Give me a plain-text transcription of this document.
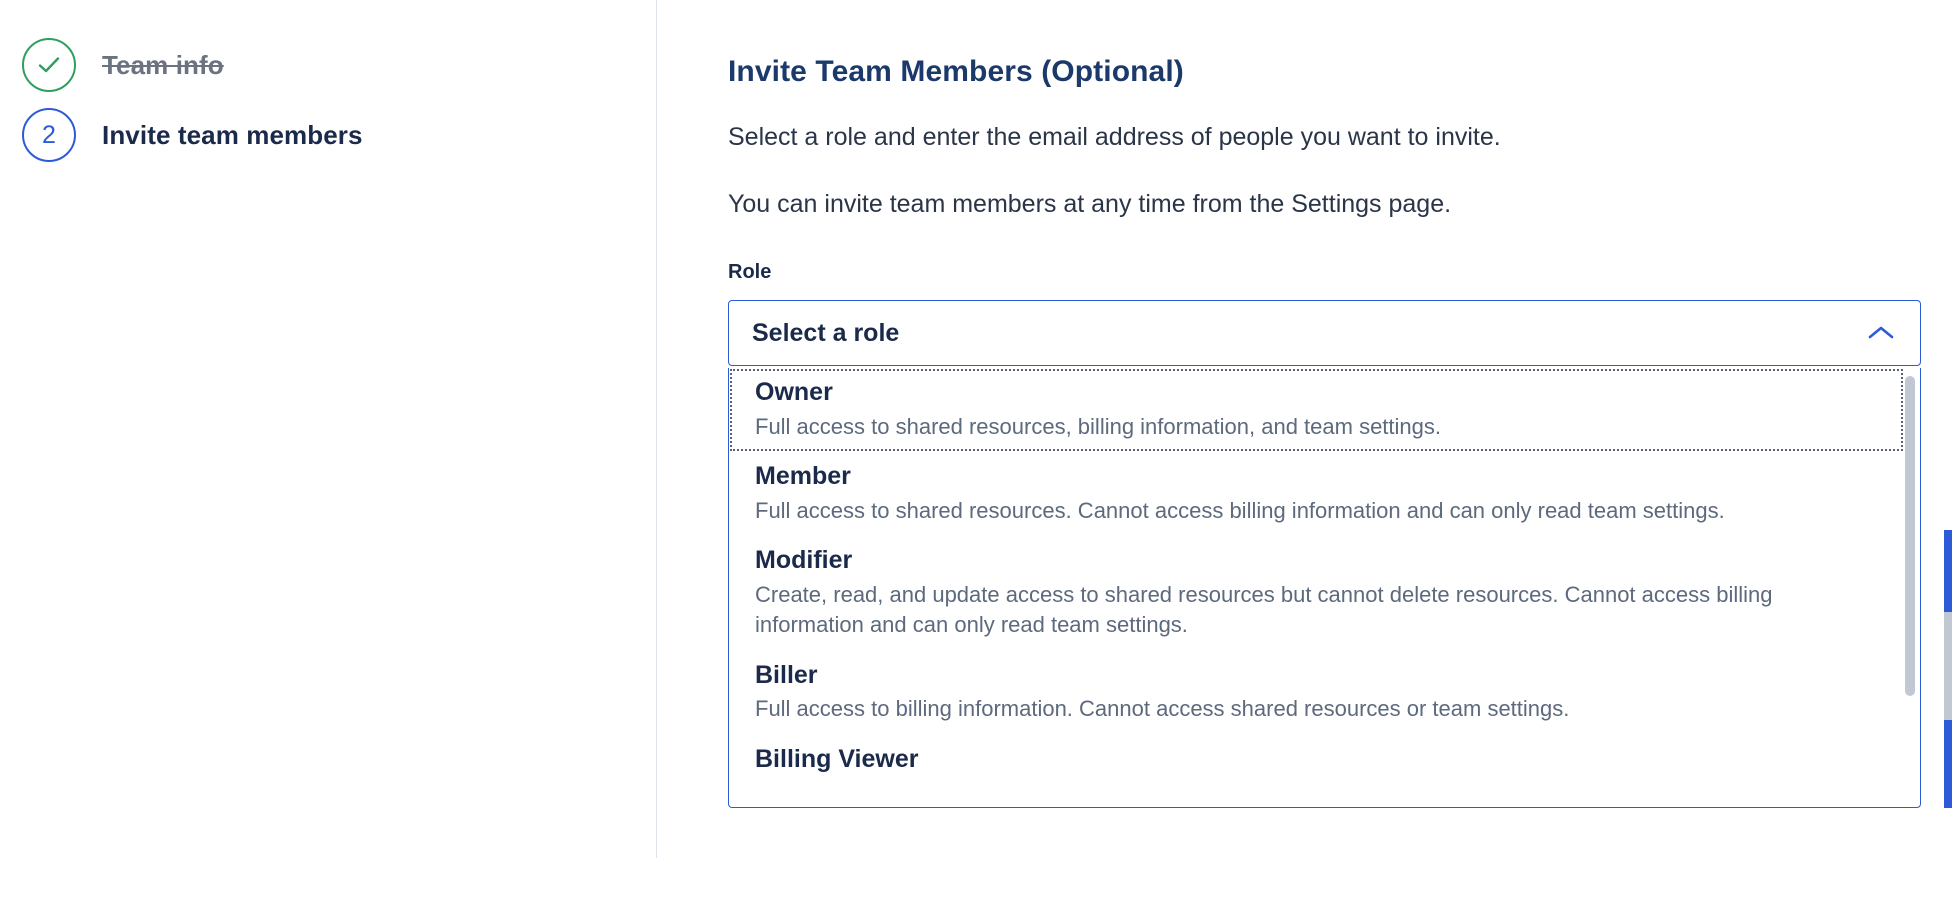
Team info
2 Invite team members
Invite Team Members (Optional)

Select a role and enter the email address of people you want to invite.

You can invite team members at any time from the Settings page.

Role
Select a role
Owner
Full access to shared resources, billing information, and team settings.
Member
Full access to shared resources. Cannot access billing information and can only read team settings.
Modifier
Create, read, and update access to shared resources but cannot delete resources. Cannot access billing information and can only read team settings.
Biller
Full access to billing information. Cannot access shared resources or team settings.
Billing Viewer
